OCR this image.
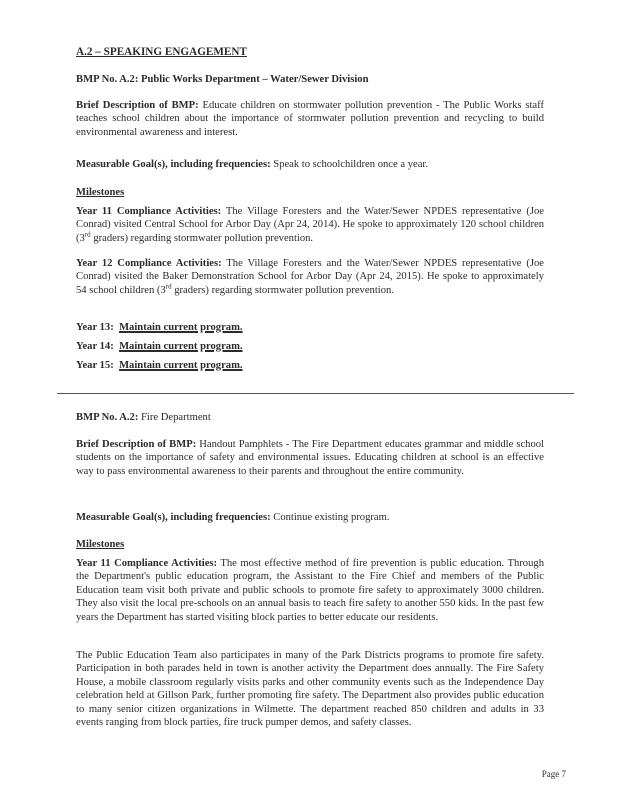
A.2 – SPEAKING ENGAGEMENT

BMP No. A.2: Public Works Department – Water/Sewer Division

Brief Description of BMP: Educate children on stormwater pollution prevention - The Public Works staff teaches school children about the importance of stormwater pollution prevention and recycling to build environmental awareness and interest.

Measurable Goal(s), including frequencies: Speak to schoolchildren once a year.

Milestones

Year 11 Compliance Activities: The Village Foresters and the Water/Sewer NPDES representative (Joe Conrad) visited Central School for Arbor Day (Apr 24, 2014). He spoke to approximately 120 school children (3rd graders) regarding stormwater pollution prevention.

Year 12 Compliance Activities: The Village Foresters and the Water/Sewer NPDES representative (Joe Conrad) visited the Baker Demonstration School for Arbor Day (Apr 24, 2015). He spoke to approximately 54 school children (3rd graders) regarding stormwater pollution prevention.

Year 13: Maintain current program.

Year 14: Maintain current program.

Year 15: Maintain current program.

BMP No. A.2: Fire Department

Brief Description of BMP: Handout Pamphlets - The Fire Department educates grammar and middle school students on the importance of safety and environmental issues. Educating children at school is an effective way to pass environmental awareness to their parents and throughout the entire community.

Measurable Goal(s), including frequencies: Continue existing program.

Milestones

Year 11 Compliance Activities: The most effective method of fire prevention is public education. Through the Department's public education program, the Assistant to the Fire Chief and members of the Public Education team visit both private and public schools to promote fire safety to approximately 3000 children. They also visit the local pre-schools on an annual basis to teach fire safety to another 550 kids. In the past few years the Department has started visiting block parties to better educate our residents.

The Public Education Team also participates in many of the Park Districts programs to promote fire safety. Participation in both parades held in town is another activity the Department does annually. The Fire Safety House, a mobile classroom regularly visits parks and other community events such as the Independence Day celebration held at Gillson Park, further promoting fire safety. The Department also provides public education to many senior citizen organizations in Wilmette. The department reached 850 children and adults in 33 events ranging from block parties, fire truck pumper demos, and safety classes.

Page 7
